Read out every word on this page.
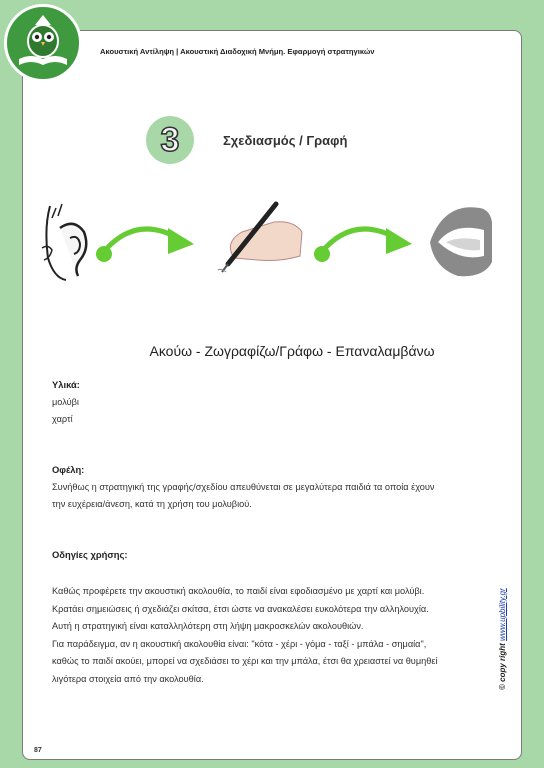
Ακουστική Αντίληψη | Ακουστική Διαδοχική Μνήμη. Εφαρμογή στρατηγικών
3	Σχεδιασμός / Γραφή
Ακούω - Ζωγραφίζω/Γράφω - Επαναλαμβάνω
Υλικά:
μολύβι
χαρτί
Οφέλη:
Συνήθως η στρατηγική της γραφής/σχεδίου απευθύνεται σε μεγαλύτερα παιδιά τα οποία έχουν
την ευχέρεια/άνεση, κατά τη χρήση του μολυβιού.
Οδηγίες χρήσης:
Καθώς προφέρετε την ακουστική ακολουθία, το παιδί είναι εφοδιασμένο με χαρτί και μολύβι.
Κρατάει σημειώσεις ή σχεδιάζει σκίτσα, έτσι ώστε να ανακαλέσει ευκολότερα την αλληλουχία.
Αυτή η στρατηγική είναι καταλληλότερη στη λήψη μακροσκελών ακολουθιών.
Για παράδειγμα, αν η ακουστική ακολουθία είναι: "κότα - χέρι - γόμα - ταξί - μπάλα - σημαία",
καθώς το παιδί ακούει, μπορεί να σχεδιάσει το χέρι και την μπάλα, έτσι θα χρειαστεί να θυμηθεί
λιγότερα στοιχεία από την ακολουθία.	© copy right www.upbility.gr
87
